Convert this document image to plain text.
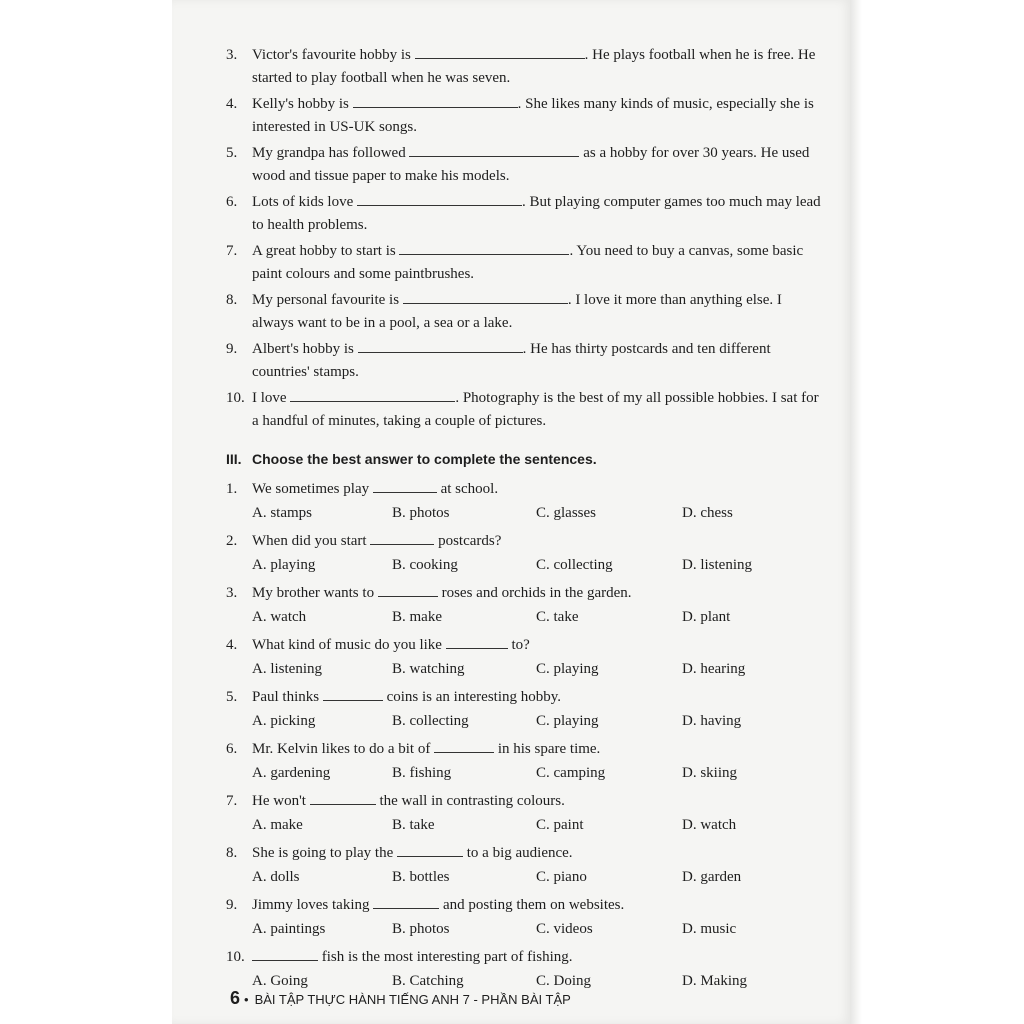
3. Victor's favourite hobby is	. He plays football when he is free. He started to play football when he was seven.
4. Kelly's hobby is	. She likes many kinds of music, especially she is interested in US-UK songs.
5. My grandpa has followed	as a hobby for over 30 years. He used wood and tissue paper to make his models.
6. Lots of kids love	. But playing computer games too much may lead to health problems.
7. A great hobby to start is	. You need to buy a canvas, some basic paint colours and some paintbrushes.
8. My personal favourite is	. I love it more than anything else. I always want to be in a pool, a sea or a lake.
9. Albert's hobby is	. He has thirty postcards and ten different countries' stamps.
10. I love	. Photography is the best of my all possible hobbies. I sat for a handful of minutes, taking a couple of pictures.
III. Choose the best answer to complete the sentences.
1. We sometimes play	at school.
A. stamps	B. photos	C. glasses	D. chess
2. When did you start	postcards?
A. playing	B. cooking	C. collecting	D. listening
3. My brother wants to	roses and orchids in the garden.
A. watch	B. make	C. take	D. plant
4. What kind of music do you like	to?
A. listening	B. watching	C. playing	D. hearing
5. Paul thinks	coins is an interesting hobby.
A. picking	B. collecting	C. playing	D. having
6. Mr. Kelvin likes to do a bit of	in his spare time.
A. gardening	B. fishing	C. camping	D. skiing
7. He won't	the wall in contrasting colours.
A. make	B. take	C. paint	D. watch
8. She is going to play the	to a big audience.
A. dolls	B. bottles	C. piano	D. garden
9. Jimmy loves taking	and posting them on websites.
A. paintings	B. photos	C. videos	D. music
10.	fish is the most interesting part of fishing.
A. Going	B. Catching	C. Doing	D. Making
6 • BÀI TẬP THỰC HÀNH TIẾNG ANH 7 - PHẦN BÀI TẬP
